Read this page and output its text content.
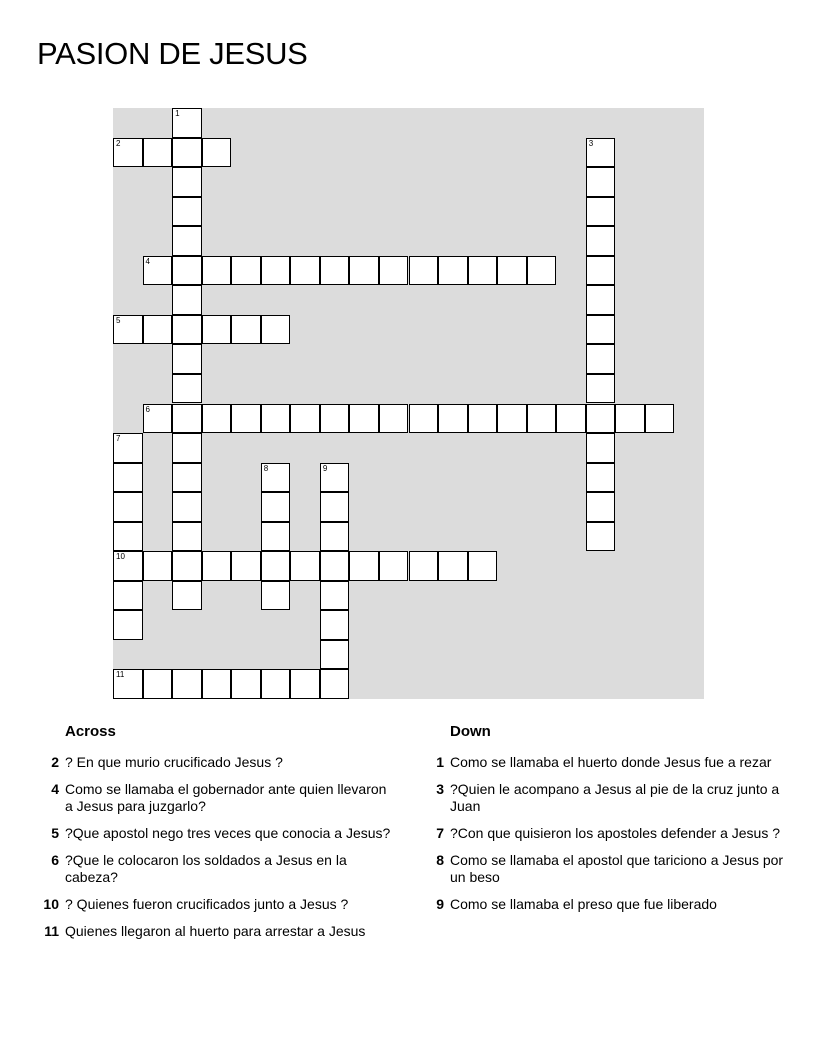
PASION DE JESUS
1
2	3
4
5
6
7
10
8	9
11
Across
2 ? En que murio crucificado Jesus ?
4 Como se llamaba el gobernador ante quien llevaron a Jesus para juzgarlo?
5 ?Que apostol nego tres veces que conocia a Jesus?
6 ?Que le colocaron los soldados a Jesus en la cabeza?
10 ? Quienes fueron crucificados junto a Jesus ?
11 Quienes llegaron al huerto para arrestar a Jesus
Down
1 Como se llamaba el huerto donde Jesus fue a rezar
3 ?Quien le acompano a Jesus al pie de la cruz junto a Juan
7 ?Con que quisieron los apostoles defender a Jesus ?
8 Como se llamaba el apostol que tariciono a Jesus por un beso
9 Como se llamaba el preso que fue liberado
